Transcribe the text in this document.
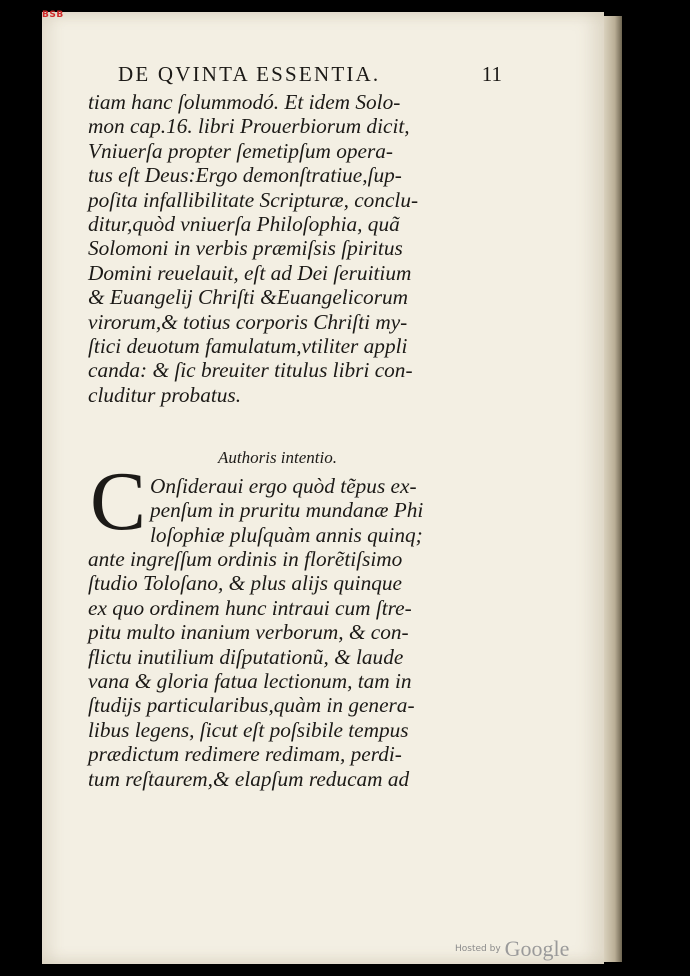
BSB
DE QVINTA ESSENTIA.	11
tiam hanc ſolummodó. Et idem Solo-
mon cap.16. libri Prouerbiorum dicit,
Vniuerſa propter ſemetipſum opera-
tus eſt Deus:Ergo demonſtratiue,ſup-
poſita infallibilitate Scripturæ, conclu-
ditur,quòd vniuerſa Philoſophia, quã
Solomoni in verbis præmiſsis ſpiritus
Domini reuelauit, eſt ad Dei ſeruitium
& Euangelij Chriſti &Euangelicorum
virorum,& totius corporis Chriſti my-
ſtici deuotum famulatum,vtiliter appli
canda: & ſic breuiter titulus libri con-
cluditur probatus.
Authoris intentio.
C Onſideraui ergo quòd tẽpus ex-
penſum in pruritu mundanæ Phi
loſophiæ pluſquàm annis quinq;
ante ingreſſum ordinis in florẽtiſsimo
ſtudio Toloſano, & plus alijs quinque
ex quo ordinem hunc intraui cum ſtre-
pitu multo inanium verborum, & con-
flictu inutilium diſputationũ, & laude
vana & gloria fatua lectionum, tam in
ſtudijs particularibus,quàm in genera-
libus legens, ſicut eſt poſsibile tempus
prædictum redimere redimam, perdi-
tum reſtaurem,& elapſum reducam ad
Hosted by Google
